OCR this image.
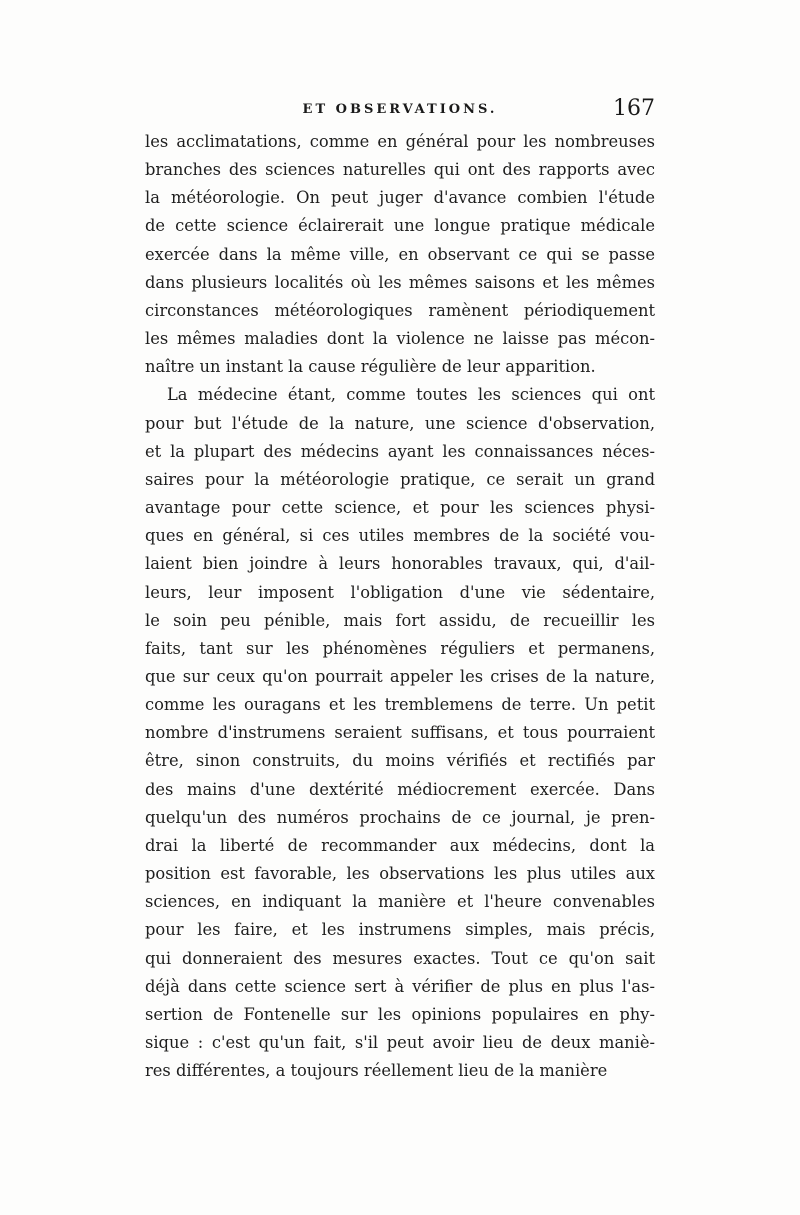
ET OBSERVATIONS.	167
les acclimatations, comme en général pour les nombreuses
branches des sciences naturelles qui ont des rapports avec
la météorologie. On peut juger d'avance combien l'étude
de cette science éclairerait une longue pratique médicale
exercée dans la même ville, en observant ce qui se passe
dans plusieurs localités où les mêmes saisons et les mêmes
circonstances météorologiques ramènent périodiquement
les mêmes maladies dont la violence ne laisse pas mécon-
naître un instant la cause régulière de leur apparition.
La médecine étant, comme toutes les sciences qui ont
pour but l'étude de la nature, une science d'observation,
et la plupart des médecins ayant les connaissances néces-
saires pour la météorologie pratique, ce serait un grand
avantage pour cette science, et pour les sciences physi-
ques en général, si ces utiles membres de la société vou-
laient bien joindre à leurs honorables travaux, qui, d'ail-
leurs, leur imposent l'obligation d'une vie sédentaire,
le soin peu pénible, mais fort assidu, de recueillir les
faits, tant sur les phénomènes réguliers et permanens,
que sur ceux qu'on pourrait appeler les crises de la nature,
comme les ouragans et les tremblemens de terre. Un petit
nombre d'instrumens seraient suffisans, et tous pourraient
être, sinon construits, du moins vérifiés et rectifiés par
des mains d'une dextérité médiocrement exercée. Dans
quelqu'un des numéros prochains de ce journal, je pren-
drai la liberté de recommander aux médecins, dont la
position est favorable, les observations les plus utiles aux
sciences, en indiquant la manière et l'heure convenables
pour les faire, et les instrumens simples, mais précis,
qui donneraient des mesures exactes. Tout ce qu'on sait
déjà dans cette science sert à vérifier de plus en plus l'as-
sertion de Fontenelle sur les opinions populaires en phy-
sique : c'est qu'un fait, s'il peut avoir lieu de deux maniè-
res différentes, a toujours réellement lieu de la manière
